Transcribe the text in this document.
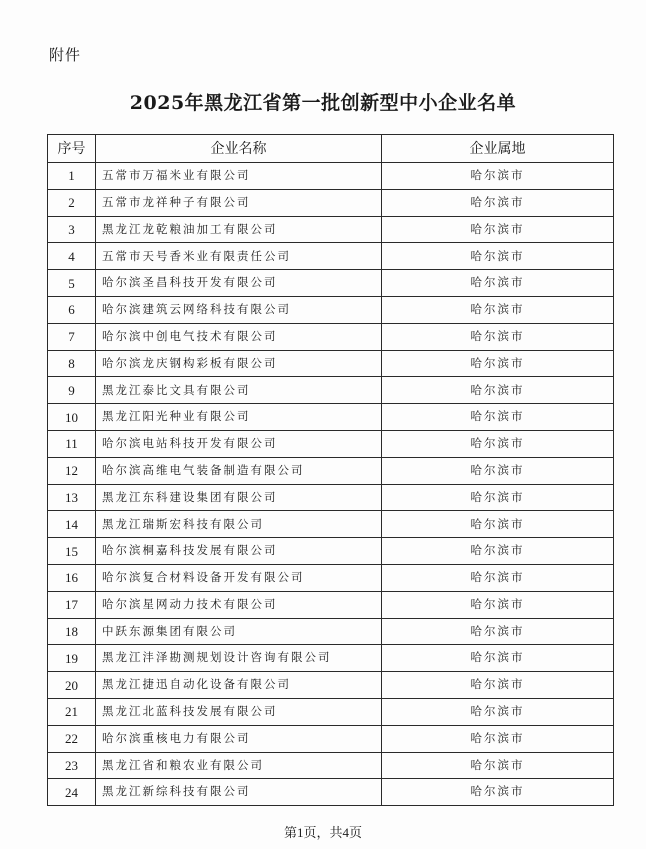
附件
2025年黑龙江省第一批创新型中小企业名单
序号	企业名称	企业属地
1	五常市万福米业有限公司	哈尔滨市
2	五常市龙祥种子有限公司	哈尔滨市
3	黑龙江龙乾粮油加工有限公司	哈尔滨市
4	五常市天号香米业有限责任公司	哈尔滨市
5	哈尔滨圣昌科技开发有限公司	哈尔滨市
6	哈尔滨建筑云网络科技有限公司	哈尔滨市
7	哈尔滨中创电气技术有限公司	哈尔滨市
8	哈尔滨龙庆钢构彩板有限公司	哈尔滨市
9	黑龙江泰比文具有限公司	哈尔滨市
10	黑龙江阳光种业有限公司	哈尔滨市
11	哈尔滨电站科技开发有限公司	哈尔滨市
12	哈尔滨高维电气装备制造有限公司	哈尔滨市
13	黑龙江东科建设集团有限公司	哈尔滨市
14	黑龙江瑞斯宏科技有限公司	哈尔滨市
15	哈尔滨桐嘉科技发展有限公司	哈尔滨市
16	哈尔滨复合材料设备开发有限公司	哈尔滨市
17	哈尔滨星网动力技术有限公司	哈尔滨市
18	中跃东源集团有限公司	哈尔滨市
19	黑龙江沣泽勘测规划设计咨询有限公司	哈尔滨市
20	黑龙江捷迅自动化设备有限公司	哈尔滨市
21	黑龙江北蓝科技发展有限公司	哈尔滨市
22	哈尔滨重核电力有限公司	哈尔滨市
23	黑龙江省和粮农业有限公司	哈尔滨市
24	黑龙江新综科技有限公司	哈尔滨市
第1页，共4页
